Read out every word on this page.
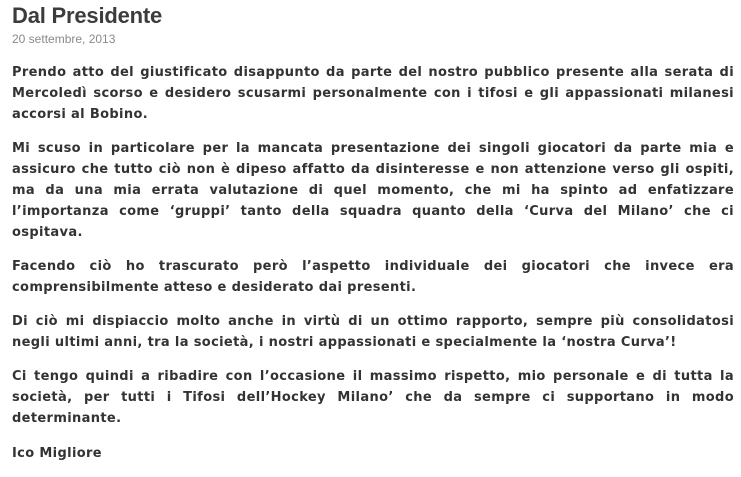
Dal Presidente
20 settembre, 2013

Prendo atto del giustificato disappunto da parte del nostro pubblico presente alla serata di Mercoledì scorso e desidero scusarmi personalmente con i tifosi e gli appassionati milanesi accorsi al Bobino.

Mi scuso in particolare per la mancata presentazione dei singoli giocatori da parte mia e assicuro che tutto ciò non è dipeso affatto da disinteresse e non attenzione verso gli ospiti, ma da una mia errata valutazione di quel momento, che mi ha spinto ad enfatizzare l’importanza come ‘gruppi’ tanto della squadra quanto della ‘Curva del Milano’ che ci ospitava.

Facendo ciò ho trascurato però l’aspetto individuale dei giocatori che invece era comprensibilmente atteso e desiderato dai presenti.

Di ciò mi dispiaccio molto anche in virtù di un ottimo rapporto, sempre più consolidatosi negli ultimi anni, tra la società, i nostri appassionati e specialmente la ‘nostra Curva’!

Ci tengo quindi a ribadire con l’occasione il massimo rispetto, mio personale e di tutta la società, per tutti i Tifosi dell’Hockey Milano’ che da sempre ci supportano in modo determinante.

Ico Migliore
